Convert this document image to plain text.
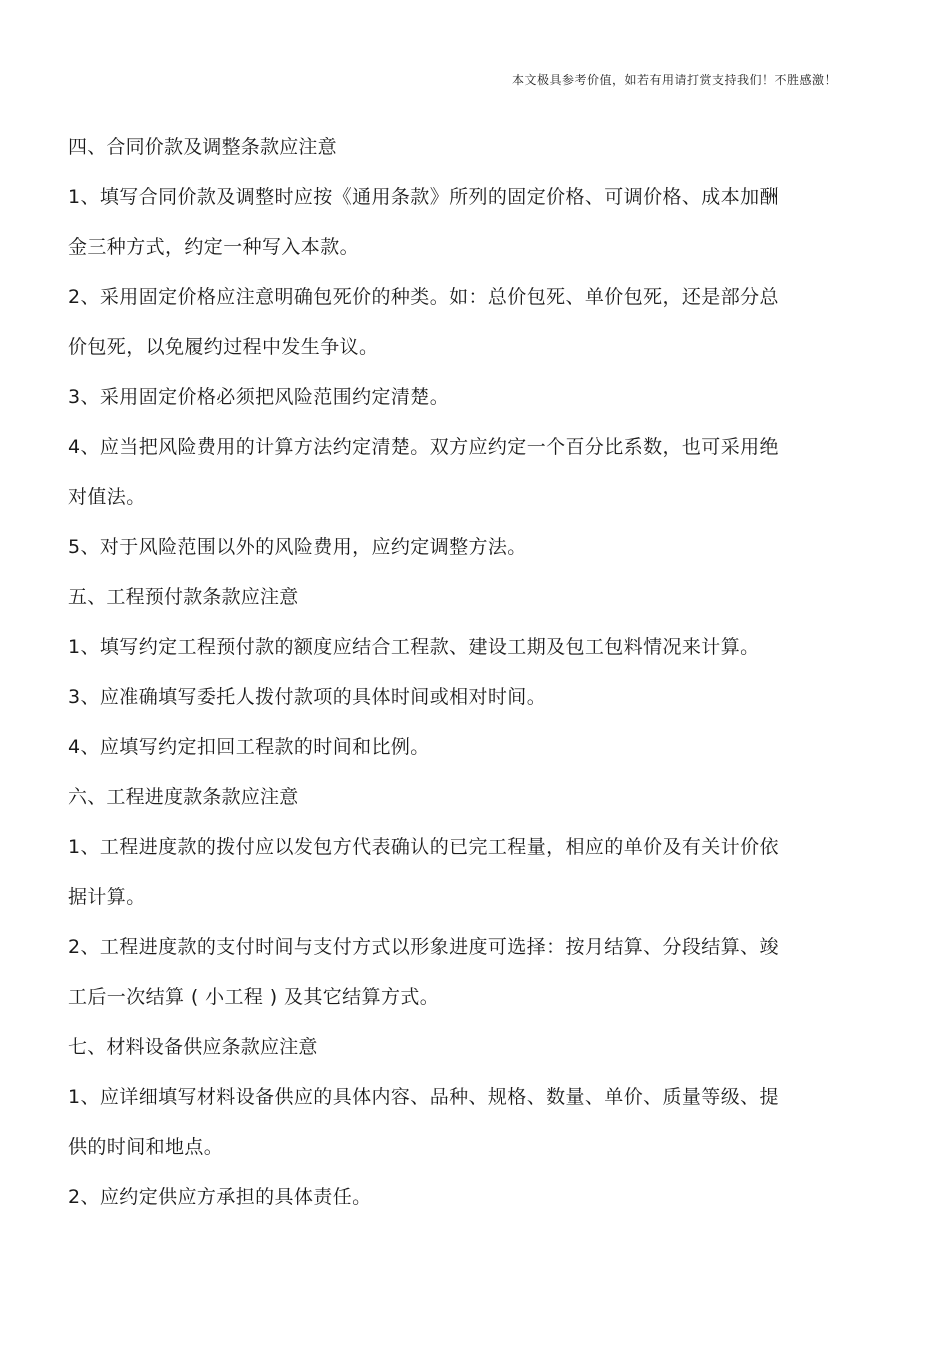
本文极具参考价值，如若有用请打赏支持我们！不胜感激！
四、合同价款及调整条款应注意
1、填写合同价款及调整时应按《通用条款》所列的固定价格、可调价格、成本加酬
金三种方式，约定一种写入本款。
2、采用固定价格应注意明确包死价的种类。如：总价包死、单价包死，还是部分总
价包死，以免履约过程中发生争议。
3、采用固定价格必须把风险范围约定清楚。
4、应当把风险费用的计算方法约定清楚。双方应约定一个百分比系数，也可采用绝
对值法。
5、对于风险范围以外的风险费用，应约定调整方法。
五、工程预付款条款应注意
1、填写约定工程预付款的额度应结合工程款、建设工期及包工包料情况来计算。
3、应准确填写委托人拨付款项的具体时间或相对时间。
4、应填写约定扣回工程款的时间和比例。
六、工程进度款条款应注意
1、工程进度款的拨付应以发包方代表确认的已完工程量，相应的单价及有关计价依
据计算。
2、工程进度款的支付时间与支付方式以形象进度可选择：按月结算、分段结算、竣
工后一次结算 ( 小工程 ) 及其它结算方式。
七、材料设备供应条款应注意
1、应详细填写材料设备供应的具体内容、品种、规格、数量、单价、质量等级、提
供的时间和地点。
2、应约定供应方承担的具体责任。
